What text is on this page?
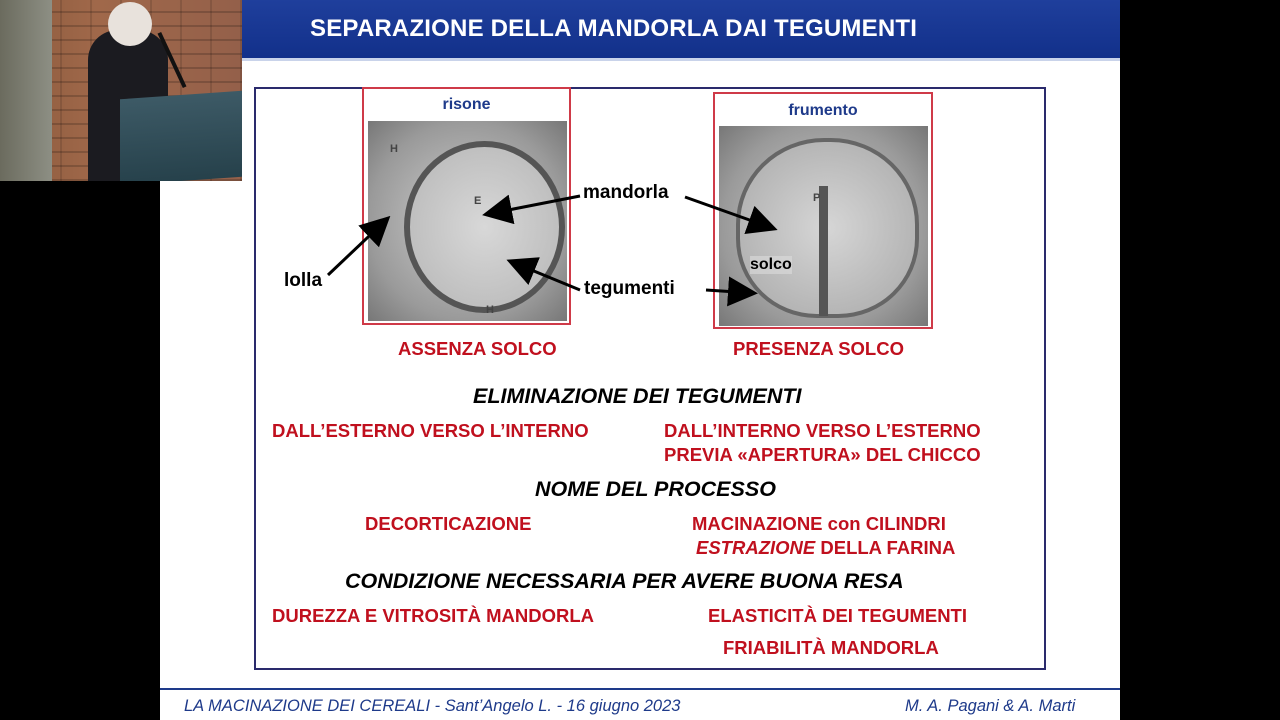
SEPARAZIONE DELLA MANDORLA DAI TEGUMENTI
risone
H
E
H
frumento
P
mandorla
lolla	tegumenti
solco
ASSENZA SOLCO	PRESENZA SOLCO
ELIMINAZIONE DEI TEGUMENTI
DALL’ESTERNO VERSO L’INTERNO	DALL’INTERNO VERSO L’ESTERNO
PREVIA «APERTURA» DEL CHICCO
NOME DEL PROCESSO
DECORTICAZIONE	MACINAZIONE con CILINDRI
ESTRAZIONE DELLA FARINA
CONDIZIONE NECESSARIA PER AVERE BUONA RESA
DUREZZA E VITROSITÀ MANDORLA	ELASTICITÀ DEI TEGUMENTI
FRIABILITÀ MANDORLA
LA MACINAZIONE DEI CEREALI - Sant’Angelo L. - 16 giugno 2023	M. A. Pagani & A. Marti
